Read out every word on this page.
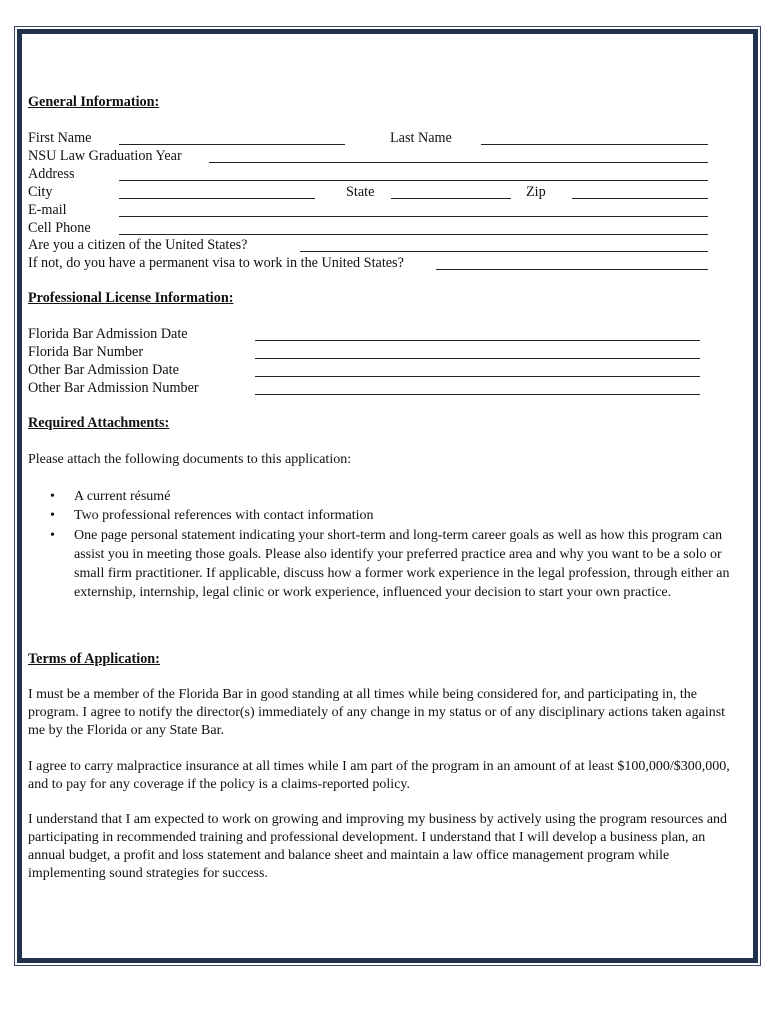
General Information:
First Name	Last Name
NSU Law Graduation Year
Address
City	State	Zip
E-mail
Cell Phone
Are you a citizen of the United States?
If not, do you have a permanent visa to work in the United States?
Professional License Information:
Florida Bar Admission Date
Florida Bar Number
Other Bar Admission Date
Other Bar Admission Number
Required Attachments:
Please attach the following documents to this application:
• A current résumé
• Two professional references with contact information
• One page personal statement indicating your short-term and long-term career goals as well as how this program can assist you in meeting those goals. Please also identify your preferred practice area and why you want to be a solo or small firm practitioner. If applicable, discuss how a former work experience in the legal profession, through either an externship, internship, legal clinic or work experience, influenced your decision to start your own practice.
Terms of Application:
I must be a member of the Florida Bar in good standing at all times while being considered for, and participating in, the program. I agree to notify the director(s) immediately of any change in my status or of any disciplinary actions taken against me by the Florida or any State Bar.
I agree to carry malpractice insurance at all times while I am part of the program in an amount of at least $100,000/$300,000, and to pay for any coverage if the policy is a claims-reported policy.
I understand that I am expected to work on growing and improving my business by actively using the program resources and participating in recommended training and professional development. I understand that I will develop a business plan, an annual budget, a profit and loss statement and balance sheet and maintain a law office management program while implementing sound strategies for success.
